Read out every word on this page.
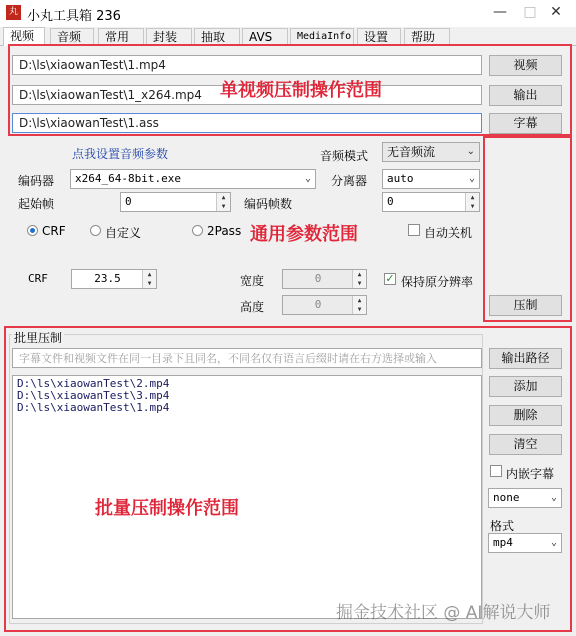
丸 小丸工具箱 236	— □ ✕
视频	音频	常用	封装	抽取	AVS	MediaInfo	设置	帮助
D:\ls\xiaowanTest\1.mp4
D:\ls\xiaowanTest\1_x264.mp4
D:\ls\xiaowanTest\1.ass
视频
输出
字幕
单视频压制操作范围
点我设置音频参数	音频模式	无音频流	⌄
编码器	x264_64-8bit.exe	⌄ 分离器	auto	⌄
起始帧	0	▲
▼	编码帧数	0	▲
▼
CRF	自定义	2Pass 通用参数范围	自动关机
CRF	23.5	▲
▼	宽度	0	▲
▼	✓ 保持原分辨率
高度	0	▲
▼	压制
批里压制
字幕文件和视频文件在同一目录下且同名，不同名仅有语言后缀时请在右方选择或输入	输出路径
D:\ls\xiaowanTest\2.mp4
D:\ls\xiaowanTest\3.mp4
D:\ls\xiaowanTest\1.mp4
批量压制操作范围
添加
删除
清空
内嵌字幕
none	⌄
格式
mp4	⌄
掘金技术社区 @ AI解说大师
